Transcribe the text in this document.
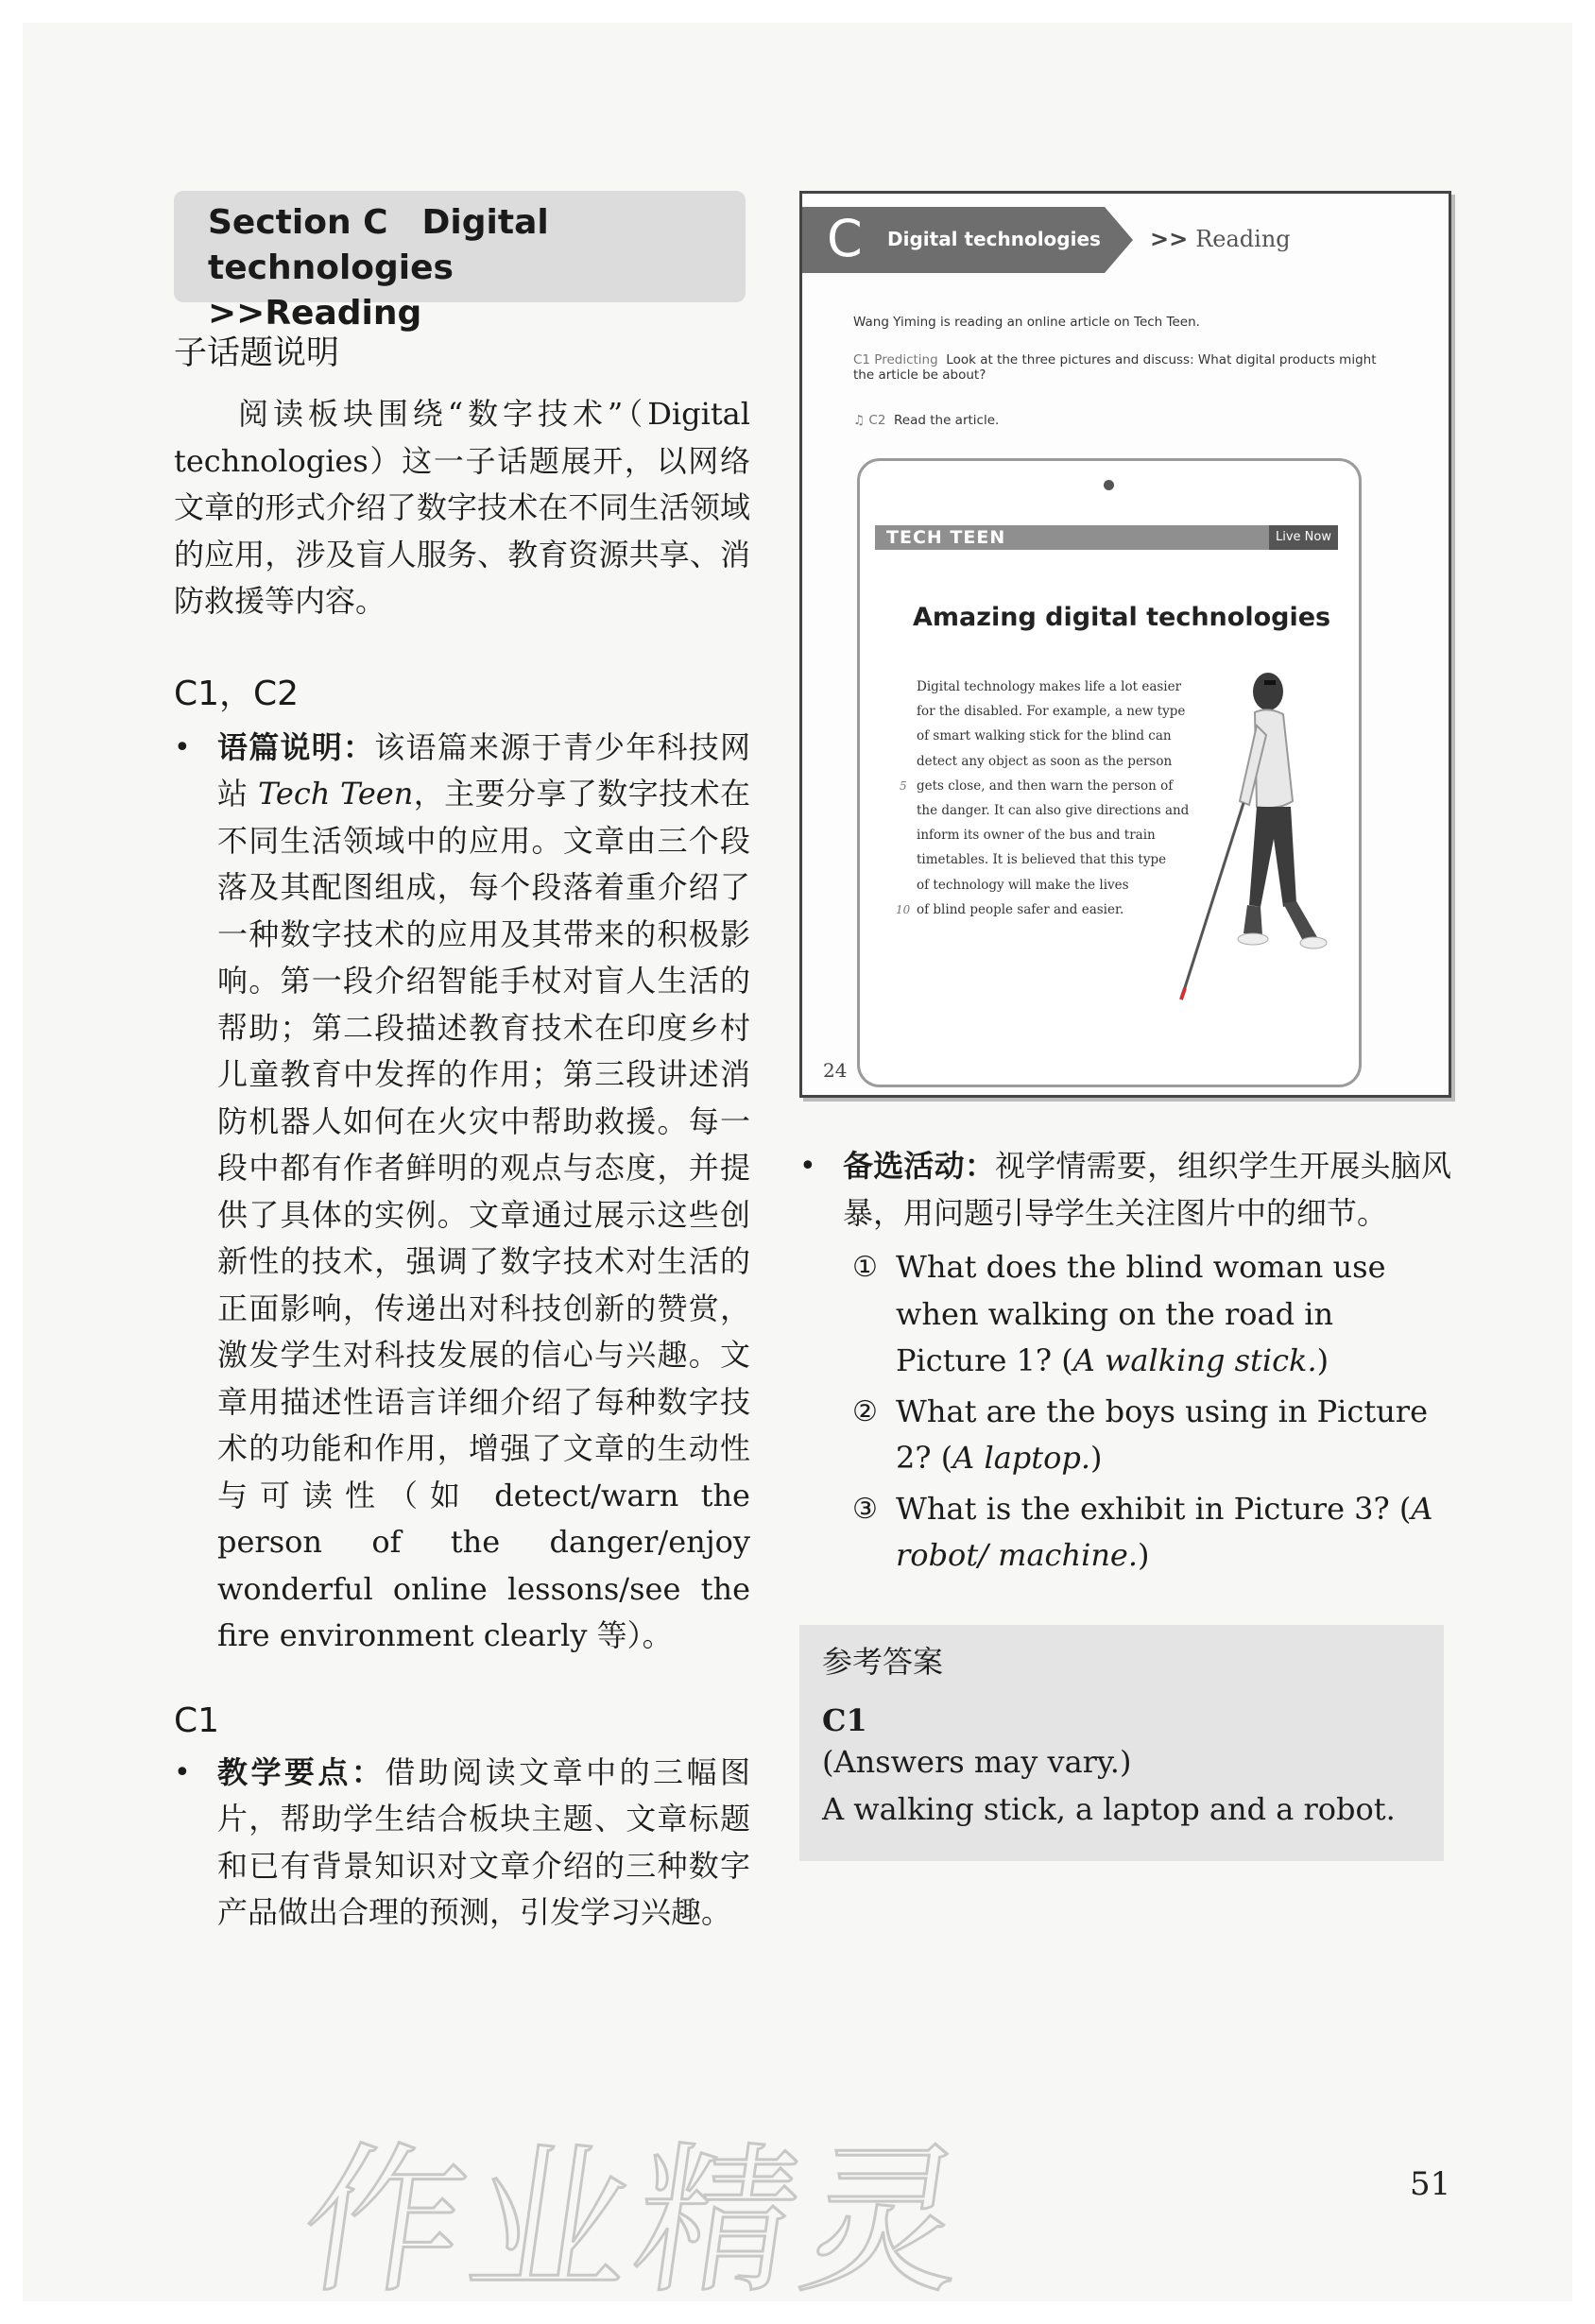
Section C Digital technologies
>>Reading
子话题说明
阅读板块围绕“数字技术”（Digital technologies）这一子话题展开，以网络文章的形式介绍了数字技术在不同生活领域的应用，涉及盲人服务、教育资源共享、消防救援等内容。
C1，C2
• 语篇说明：该语篇来源于青少年科技网站 Tech Teen，主要分享了数字技术在不同生活领域中的应用。文章由三个段落及其配图组成，每个段落着重介绍了一种数字技术的应用及其带来的积极影响。第一段介绍智能手杖对盲人生活的帮助；第二段描述教育技术在印度乡村儿童教育中发挥的作用；第三段讲述消防机器人如何在火灾中帮助救援。每一段中都有作者鲜明的观点与态度，并提供了具体的实例。文章通过展示这些创新性的技术，强调了数字技术对生活的正面影响，传递出对科技创新的赞赏，激发学生对科技发展的信心与兴趣。文章用描述性语言详细介绍了每种数字技术的功能和作用，增强了文章的生动性与可读性（如 detect/warn the person of the danger/enjoy wonderful online lessons/see the fire environment clearly 等）。
C1
• 教学要点：借助阅读文章中的三幅图片，帮助学生结合板块主题、文章标题和已有背景知识对文章介绍的三种数字产品做出合理的预测，引发学习兴趣。
C Digital technologies >> Reading
Wang Yiming is reading an online article on Tech Teen.
C1 Predicting Look at the three pictures and discuss: What digital products might the article be about?
♫ C2 Read the article.
TECH TEEN	Live Now
Amazing digital technologies
Digital technology makes life a lot easier
for the disabled. For example, a new type
of smart walking stick for the blind can
detect any object as soon as the person
5 gets close, and then warn the person of
the danger. It can also give directions and
inform its owner of the bus and train
timetables. It is believed that this type
of technology will make the lives
10 of blind people safer and easier.
24
• 备选活动：视学情需要，组织学生开展头脑风暴，用问题引导学生关注图片中的细节。
① What does the blind woman use when walking on the road in Picture 1? (A walking stick.)
② What are the boys using in Picture 2? (A laptop.)
③ What is the exhibit in Picture 3? (A robot/ machine.)
参考答案
C1
(Answers may vary.)
A walking stick, a laptop and a robot.
作业精灵	51
